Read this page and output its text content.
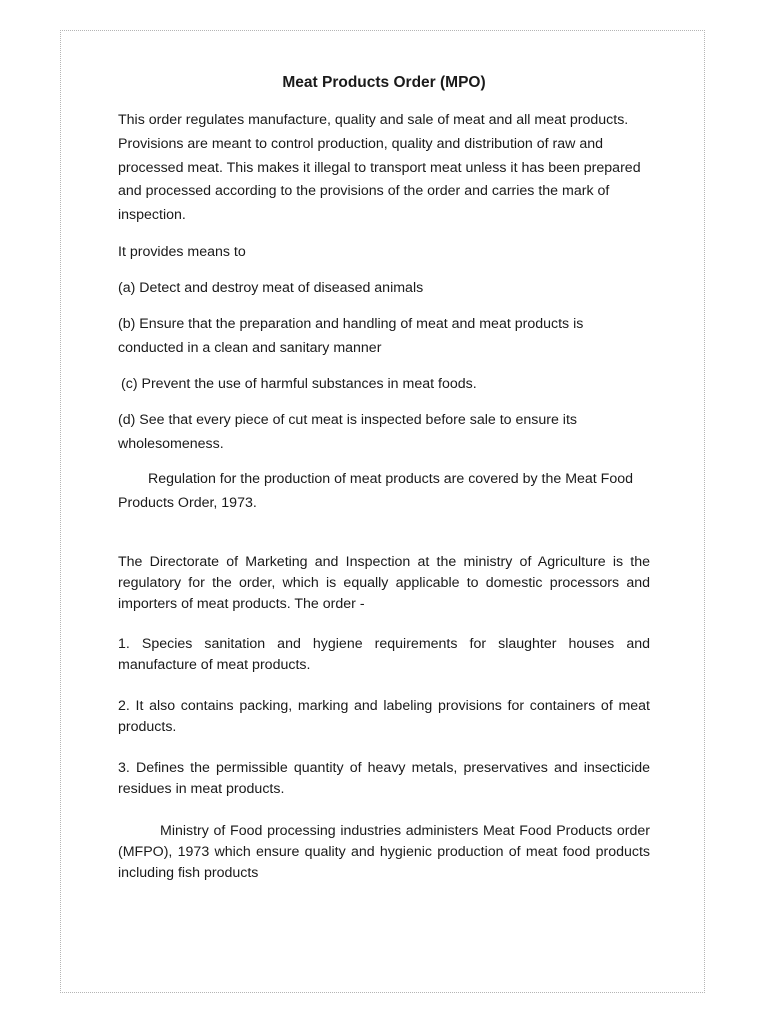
Meat Products Order (MPO)

This order regulates manufacture, quality and sale of meat and all meat products. Provisions are meant to control production, quality and distribution of raw and processed meat. This makes it illegal to transport meat unless it has been prepared and processed according to the provisions of the order and carries the mark of inspection.

It provides means to

(a) Detect and destroy meat of diseased animals

(b) Ensure that the preparation and handling of meat and meat products is conducted in a clean and sanitary manner

(c) Prevent the use of harmful substances in meat foods.

(d) See that every piece of cut meat is inspected before sale to ensure its wholesomeness.

Regulation for the production of meat products are covered by the Meat Food Products Order, 1973.

The Directorate of Marketing and Inspection at the ministry of Agriculture is the regulatory for the order, which is equally applicable to domestic processors and importers of meat products. The order -

1. Species sanitation and hygiene requirements for slaughter houses and manufacture of meat products.

2. It also contains packing, marking and labeling provisions for containers of meat products.

3. Defines the permissible quantity of heavy metals, preservatives and insecticide residues in meat products.

Ministry of Food processing industries administers Meat Food Products order (MFPO), 1973 which ensure quality and hygienic production of meat food products including fish products
